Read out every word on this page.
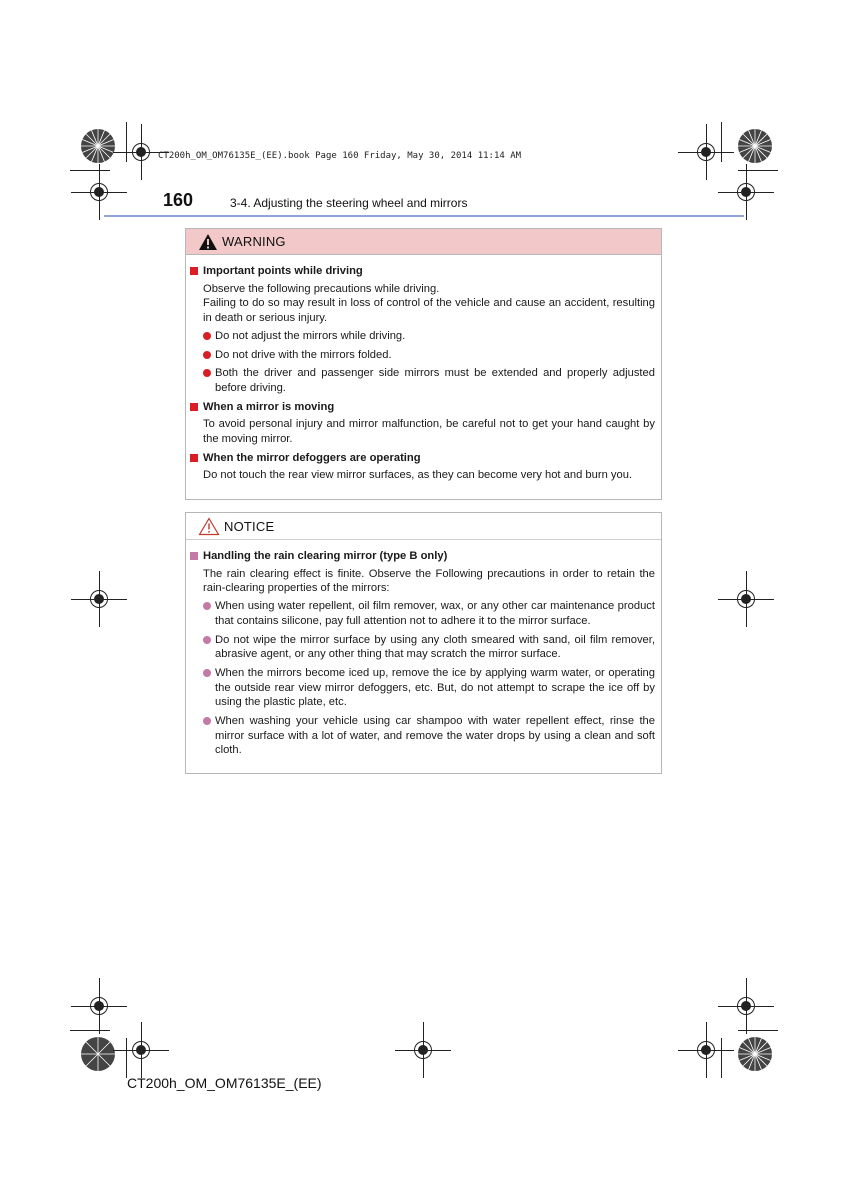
CT200h_OM_OM76135E_(EE).book Page 160 Friday, May 30, 2014 11:14 AM
160	3-4. Adjusting the steering wheel and mirrors
WARNING
Important points while driving
Observe the following precautions while driving.
Failing to do so may result in loss of control of the vehicle and cause an accident, resulting in death or serious injury.
Do not adjust the mirrors while driving.
Do not drive with the mirrors folded.
Both the driver and passenger side mirrors must be extended and properly adjusted before driving.
When a mirror is moving
To avoid personal injury and mirror malfunction, be careful not to get your hand caught by the moving mirror.
When the mirror defoggers are operating
Do not touch the rear view mirror surfaces, as they can become very hot and burn you.
NOTICE
Handling the rain clearing mirror (type B only)
The rain clearing effect is finite. Observe the Following precautions in order to retain the rain-clearing properties of the mirrors:
When using water repellent, oil film remover, wax, or any other car maintenance product that contains silicone, pay full attention not to adhere it to the mirror surface.
Do not wipe the mirror surface by using any cloth smeared with sand, oil film remover, abrasive agent, or any other thing that may scratch the mirror surface.
When the mirrors become iced up, remove the ice by applying warm water, or operating the outside rear view mirror defoggers, etc. But, do not attempt to scrape the ice off by using the plastic plate, etc.
When washing your vehicle using car shampoo with water repellent effect, rinse the mirror surface with a lot of water, and remove the water drops by using a clean and soft cloth.
CT200h_OM_OM76135E_(EE)
